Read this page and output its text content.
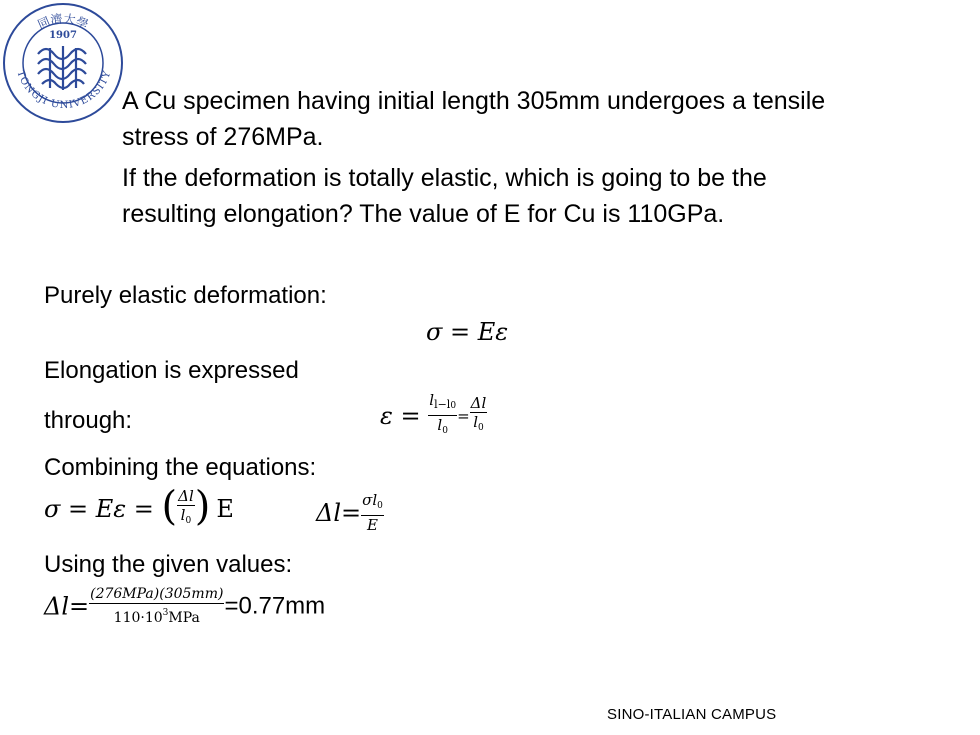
同濟大學
TONGJI UNIVERSITY
1907
A Cu specimen having initial length 305mm undergoes a tensile
stress of 276MPa.
If the deformation is totally elastic, which is going to be the
resulting elongation? The value of E for Cu is 110GPa.
Purely elastic deformation:
σ = Eε
Elongation is expressed
through:	$\varepsilon = \frac{l_{l-l0}}{l_0} = \frac{\Delta l}{l_0}$
Combining the equations:
σ = Eε = ( $\frac{\Delta l}{l_0}$ ) E	$\Delta l= \frac{\sigma l_0}{E}$
Using the given values:
$\Delta l= \frac{\text{(276MPa)(305mm)}}{110\cdot 10^3MPa} =0.77mm$
SINO-ITALIAN CAMPUS
